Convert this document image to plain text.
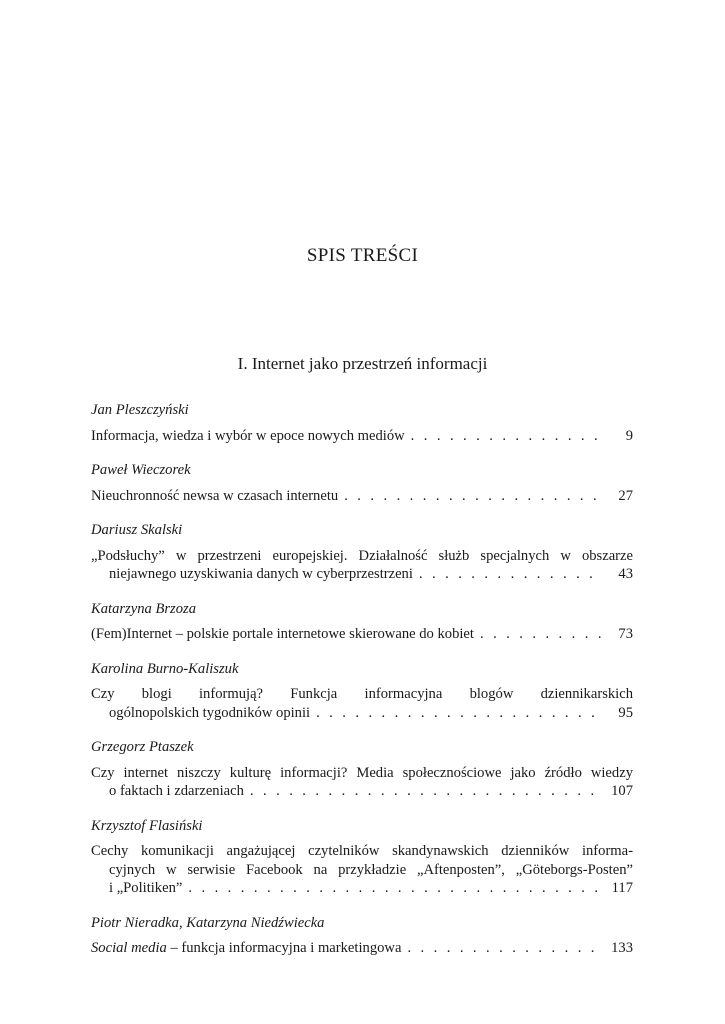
SPIS TREŚCI
I. Internet jako przestrzeń informacji
Jan Pleszczyński
Informacja, wiedza i wybór w epoce nowych mediów . . .	9
Paweł Wieczorek
Nieuchronność newsa w czasach internetu . . .	27
Dariusz Skalski
„Podsłuchy” w przestrzeni europejskiej. Działalność służb specjalnych w obszarze
niejawnego uzyskiwania danych w cyberprzestrzeni . . .	43
Katarzyna Brzoza
(Fem)Internet – polskie portale internetowe skierowane do kobiet . . .	73
Karolina Burno-Kaliszuk
Czy blogi informują? Funkcja informacyjna blogów dziennikarskich
ogólnopolskich tygodników opinii . . .	95
Grzegorz Ptaszek
Czy internet niszczy kulturę informacji? Media społecznościowe jako źródło wiedzy
o faktach i zdarzeniach . . .	107
Krzysztof Flasiński
Cechy komunikacji angażującej czytelników skandynawskich dzienników informa-
cyjnych w serwisie Facebook na przykładzie „Aftenposten”, „Göteborgs-Posten”
i „Politiken” . . .	117
Piotr Nieradka, Katarzyna Niedźwiecka
Social media – funkcja informacyjna i marketingowa . . .	133
